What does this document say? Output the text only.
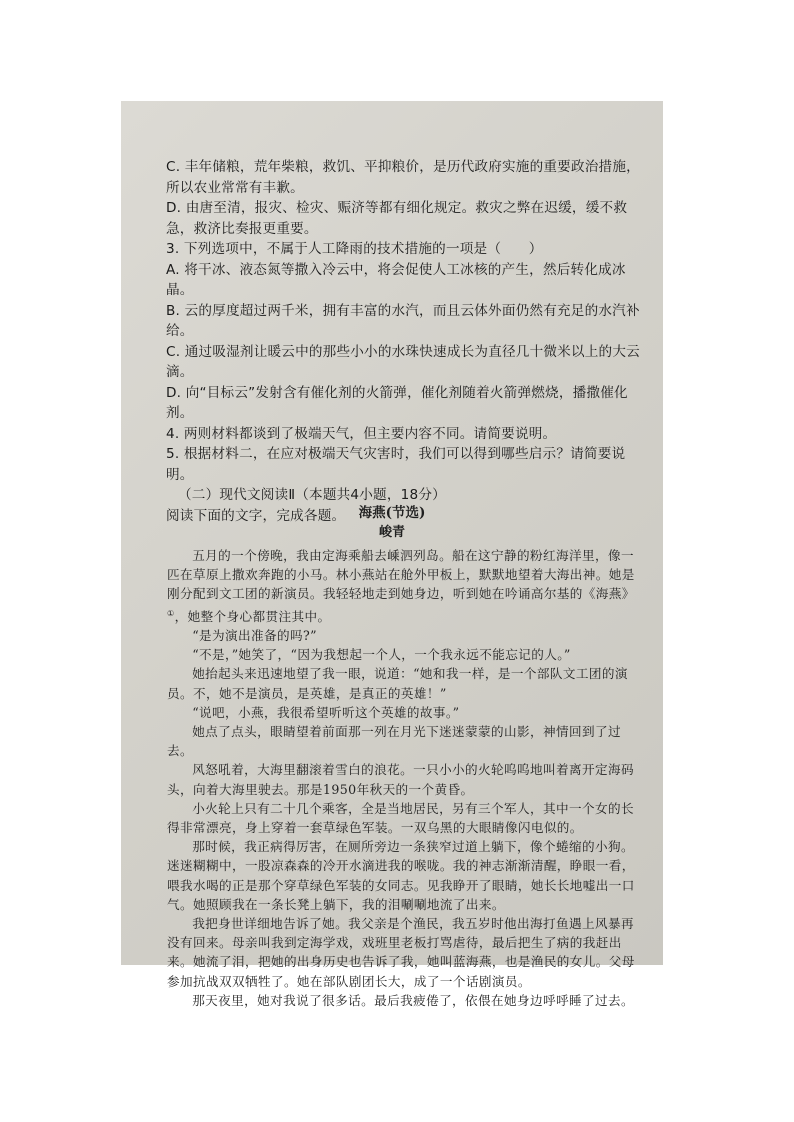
C. 丰年储粮，荒年柴粮，救饥、平抑粮价，是历代政府实施的重要政治措施，所以农业常常有丰歉。

D. 由唐至清，报灾、检灾、赈济等都有细化规定。救灾之弊在迟缓，缓不救急，救济比奏报更重要。

3. 下列选项中，不属于人工降雨的技术措施的一项是（　　）

A. 将干冰、液态氮等撒入冷云中，将会促使人工冰核的产生，然后转化成冰晶。

B. 云的厚度超过两千米，拥有丰富的水汽，而且云体外面仍然有充足的水汽补给。

C. 通过吸湿剂让暖云中的那些小小的水珠快速成长为直径几十微米以上的大云滴。

D. 向“目标云”发射含有催化剂的火箭弹，催化剂随着火箭弹燃烧，播撒催化剂。

4. 两则材料都谈到了极端天气，但主要内容不同。请简要说明。

5. 根据材料二，在应对极端天气灾害时，我们可以得到哪些启示？请简要说明。

（二）现代文阅读Ⅱ（本题共4小题，18分）

阅读下面的文字，完成各题。 海燕(节选)
峻青

五月的一个傍晚，我由定海乘船去嵊泗列岛。船在这宁静的粉红海洋里，像一匹在草原上撒欢奔跑的小马。林小燕站在舱外甲板上，默默地望着大海出神。她是刚分配到文工团的新演员。我轻轻地走到她身边，听到她在吟诵高尔基的《海燕》①，她整个身心都贯注其中。

“是为演出准备的吗?”

“不是，”她笑了，“因为我想起一个人，一个我永远不能忘记的人。”

她抬起头来迅速地望了我一眼，说道：“她和我一样，是一个部队文工团的演员。不，她不是演员，是英雄，是真正的英雄！”

“说吧，小燕，我很希望听听这个英雄的故事。”

她点了点头，眼睛望着前面那一列在月光下迷迷蒙蒙的山影，神情回到了过去。

风怒吼着，大海里翻滚着雪白的浪花。一只小小的火轮呜呜地叫着离开定海码头，向着大海里驶去。那是1950年秋天的一个黄昏。

小火轮上只有二十几个乘客，全是当地居民，另有三个军人，其中一个女的长得非常漂亮，身上穿着一套草绿色军装。一双乌黑的大眼睛像闪电似的。

那时候，我正病得厉害，在厕所旁边一条狭窄过道上躺下，像个蜷缩的小狗。迷迷糊糊中，一股凉森森的冷开水滴进我的喉咙。我的神志渐渐清醒，睁眼一看，喂我水喝的正是那个穿草绿色军装的女同志。见我睁开了眼睛，她长长地嘘出一口气。她照顾我在一条长凳上躺下，我的泪唰唰地流了出来。

我把身世详细地告诉了她。我父亲是个渔民，我五岁时他出海打鱼遇上风暴再没有回来。母亲叫我到定海学戏，戏班里老板打骂虐待，最后把生了病的我赶出来。她流了泪，把她的出身历史也告诉了我，她叫蓝海燕，也是渔民的女儿。父母参加抗战双双牺牲了。她在部队剧团长大，成了一个话剧演员。

那天夜里，她对我说了很多话。最后我疲倦了，依偎在她身边呼呼睡了过去。
